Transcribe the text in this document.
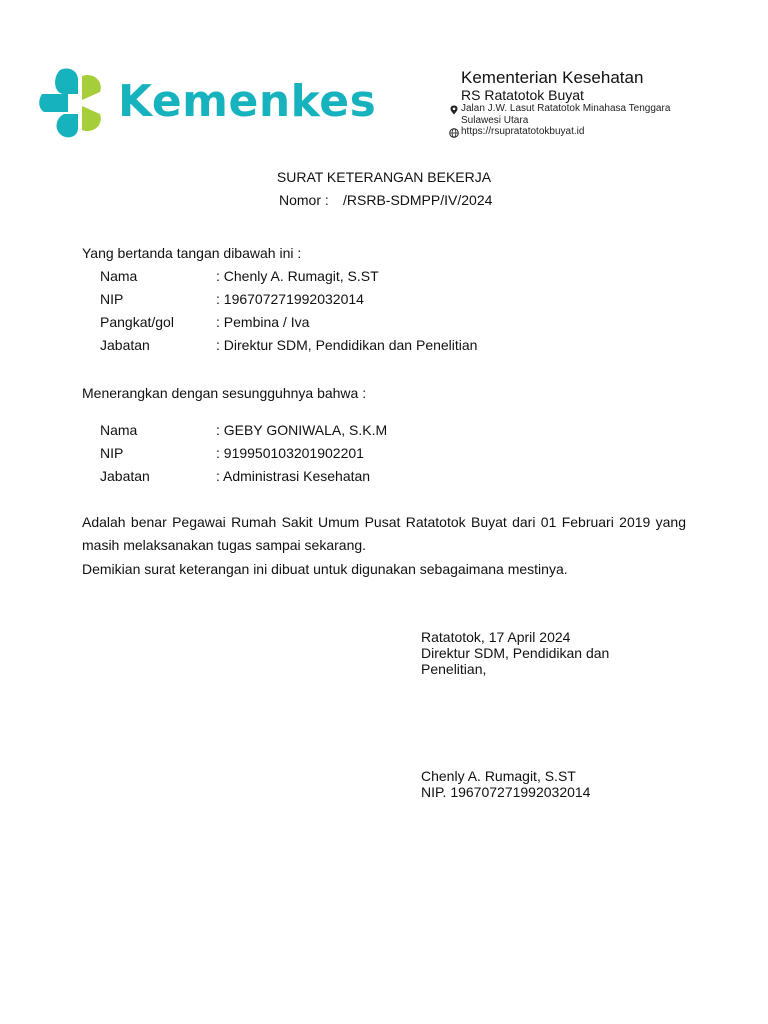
Kemenkes	Kementerian Kesehatan
RS Ratatotok Buyat
Jalan J.W. Lasut Ratatotok Minahasa Tenggara
Sulawesi Utara
https://rsupratatotokbuyat.id
SURAT KETERANGAN BEKERJA
Nomor : /RSRB-SDMPP/IV/2024
Yang bertanda tangan dibawah ini :
Nama	: Chenly A. Rumagit, S.ST
NIP	: 196707271992032014
Pangkat/gol	: Pembina / Iva
Jabatan	: Direktur SDM, Pendidikan dan Penelitian
Menerangkan dengan sesungguhnya bahwa :
Nama	: GEBY GONIWALA, S.K.M
NIP	: 919950103201902201
Jabatan	: Administrasi Kesehatan
Adalah benar Pegawai Rumah Sakit Umum Pusat Ratatotok Buyat dari 01 Februari 2019 yang masih melaksanakan tugas sampai sekarang.
Demikian surat keterangan ini dibuat untuk digunakan sebagaimana mestinya.
Ratatotok, 17 April 2024
Direktur SDM, Pendidikan dan
Penelitian,
Chenly A. Rumagit, S.ST
NIP. 196707271992032014
